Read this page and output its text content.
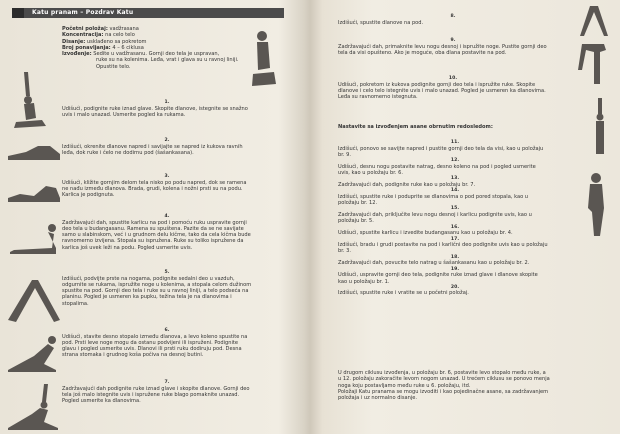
Katu pranam – Pozdrav Katu

Početni položaj: vadžrasana

Koncentracija: na celo telo

Disanje: usklađeno sa pokretom

Broj ponavljanja: 4 – 6 ciklusa

Izvođenje: Sedite u vadžrasanu. Gornji deo tela je uspravan,

ruke su na kolenima. Leđa, vrat i glava su u ravnoj liniji.

Opustite telo.

1.

Udišući, podignite ruke iznad glave. Skopite dlanove, istegnite se snažno

uvis i malo unazad. Usmerite pogled ka rukama.

2.

Izdišući, okrenite dlanove napred i savijajte se napred iz kukova ravnih

leđa, dok ruke i čelo ne dodirnu pod (šašankasana).

3.

Udišući, kližite gornjim delom tela nisko po podu napred, dok se ramena

ne nađu između dlanova. Brada, grudi, kolena i nožni prsti su na podu.

Karlica je podignuta.

4.

Zadržavajući dah, spustite karlicu na pod i pomoću ruku uspravite gornji

deo tela u budangasanu. Ramena su spuštena. Pazite da se ne savijate

samo u slabinskom, već i u grudnom delu kičme, tako da cela kičma bude

ravnomerno izvijena. Stopala su ispružena. Ruke su toliko ispružene da

karlica još uvek leži na podu. Pogled usmerite uvis.

5.

Izdišući, podvijte prste na nogama, podignite sedalni deo u vazduh,

odgurnite se rukama, ispružite noge u kolenima, a stopala celom dužinom

spustite na pod. Gornji deo tela i ruke su u ravnoj liniji, a telo podseća na

planinu. Pogled je usmeren ka pupku, težina tela je na dlanovima i

stopalima.

6.

Udišući, stavite desno stopalo između dlanova, a levo koleno spustite na

pod. Prsti leve noge mogu da ostanu podvijeni ili ispruženi. Podignite

glavu i pogled usmerite uvis. Dlanovi ili prsti ruku dodiruju pod. Desna

strana stomaka i grudnog koša počiva na desnoj butini.

7.

Zadržavajući dah podignite ruke iznad glave i skopite dlanove. Gornji deo

tela još malo istegnite uvis i ispružene ruke blago pomaknite unazad.

Pogled usmerite ka dlanovima.

8.

Izdišući, spustite dlanove na pod.

9.

Zadržavajući dah, primaknite levu nogu desnoj i ispružite noge. Pustite gornji deo

tela da visi opušteno. Ako je moguće, oba dlana postavite na pod.

10.

Udišući, pokretom iz kukova podignite gornji deo tela i ispružite ruke. Skopite

dlanove i celo telo istegnite uvis i malo unazad. Pogled je usmeren ka dlanovima.

Leđa su ravnomerno istegnuta.

Nastavite sa izvođenjem asane obrnutim redosledom:

11.

Izdišući, ponovo se savijte napred i pustite gornji deo tela da visi, kao u položaju

br. 9.

12.

Udišući, desnu nogu postavite natrag, desno koleno na pod i pogled usmerite

uvis, kao u položaju br. 6.

13.

Zadržavajući dah, podignite ruke kao u položaju br. 7.

14.

Izdišući, spustite ruke i poduprite se dlanovima o pod pored stopala, kao u

položaju br. 12.

15.

Zadržavajući dah, priključite levu nogu desnoj i karlicu podignite uvis, kao u

položaju br. 5.

16.

Udišući, spustite karlicu i izvedite budangasanu kao u položaju br. 4.

17.

Izdišući, bradu i grudi postavite na pod i karlični deo podignite uvis kao u položaju

br. 3.

18.

Zadržavajući dah, povucite telo natrag u šašankasanu kao u položaju br. 2.

19.

Udišući, uspravite gornji deo tela, podignite ruke iznad glave i dlanove skopite

kao u položaju br. 1.

20.

Izdišući, spustite ruke i vratite se u početni položaj.

U drugom ciklusu izvođenja, u položaju br. 6, postavite levo stopalo među ruke, a

u 12. položaju zakoračite levom nogom unazad. U trećem ciklusu se ponovo menja

noga koju postavljamo među ruke u 6. položaju, itd.

Položaji Katu pranama se mogu izvoditi i kao pojedinačne asane, sa zadržavanjem

položaja i uz normalno disanje.
